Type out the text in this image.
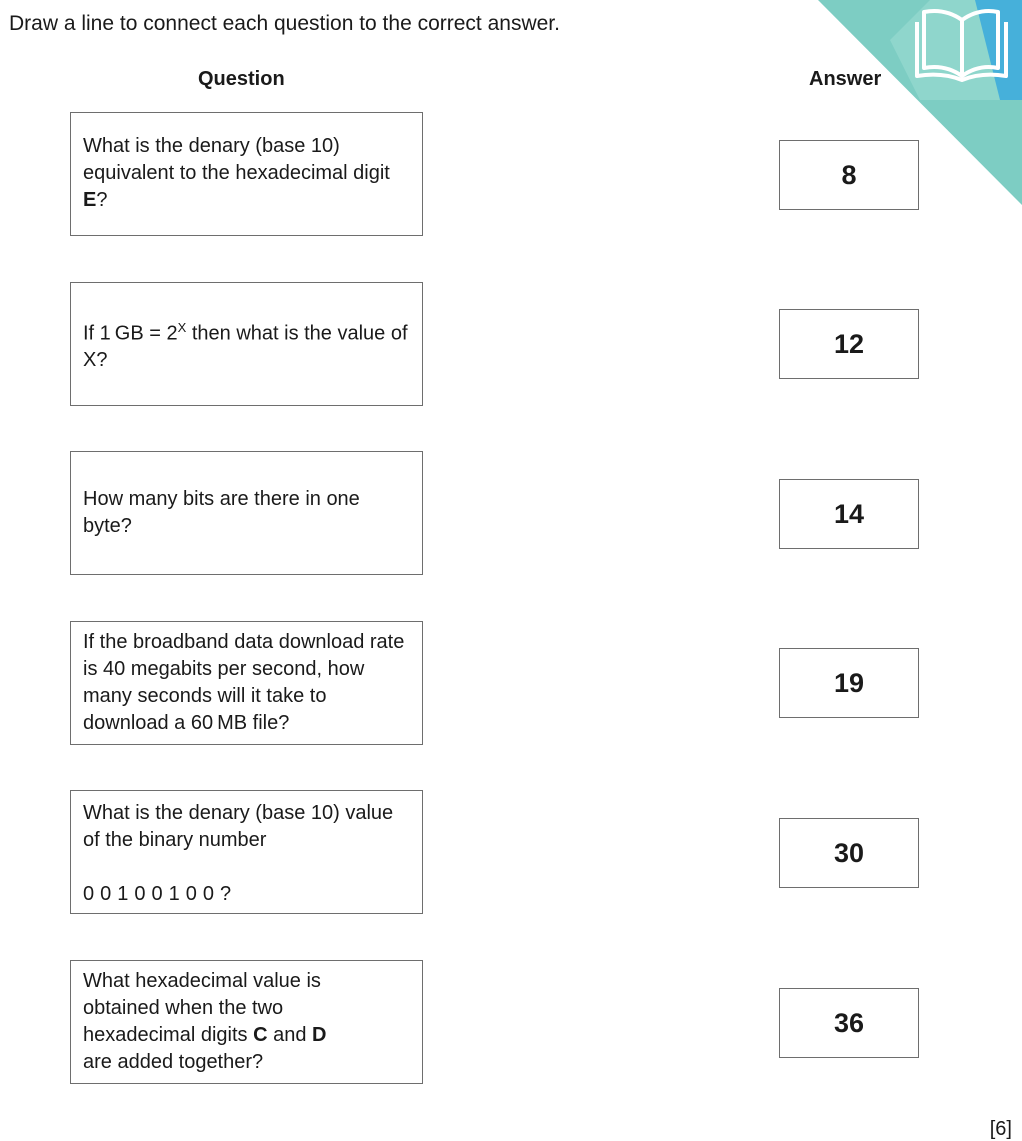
Draw a line to connect each question to the correct answer.
Question	Answer
What is the denary (base 10) equivalent to the hexadecimal digit E?
If 1 GB = $2^X$ then what is the value of X?
How many bits are there in one byte?
If the broadband data download rate is 40 megabits per second, how many seconds will it take to download a 60 MB file?
What is the denary (base 10) value of the binary number
00100100?
What hexadecimal value is obtained when the two hexadecimal digits C and D are added together?
8
12
14
19
30
36
[6]
